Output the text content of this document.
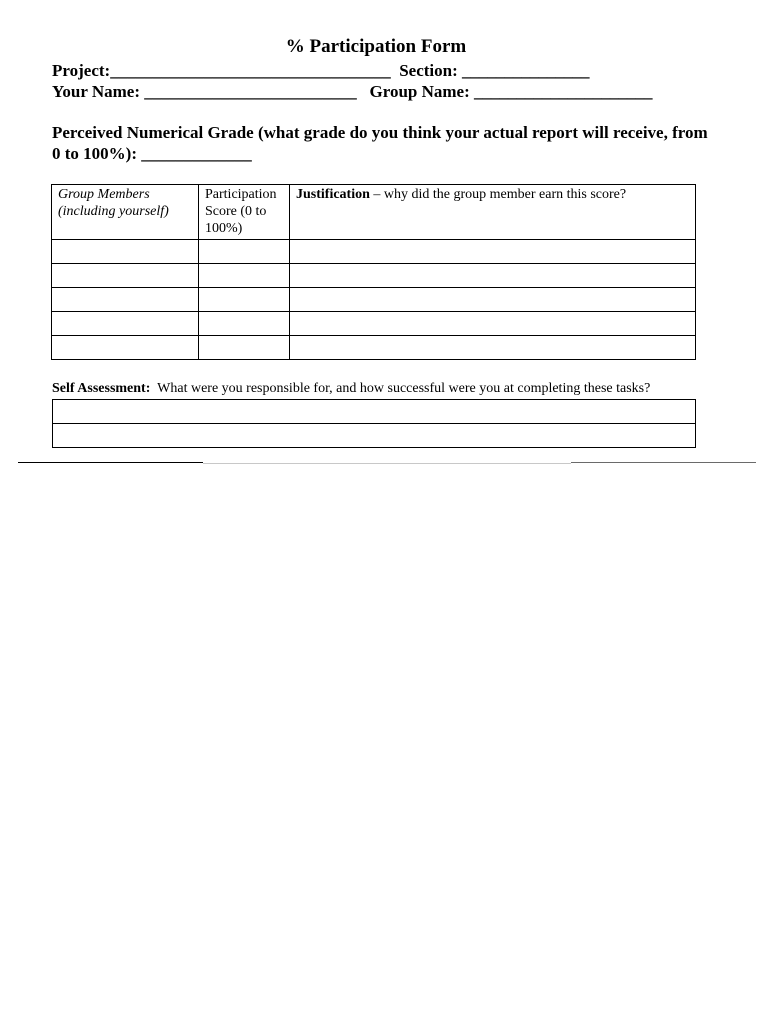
% Participation Form
Project:_________________________________  Section: _______________
Your Name: _________________________   Group Name: _____________________
Perceived Numerical Grade (what grade do you think your actual report will receive, from 0 to 100%): _____________
Group Members (including yourself)	Participation Score (0 to 100%)	Justification – why did the group member earn this score?

Self Assessment:  What were you responsible for, and how successful were you at completing these tasks?
